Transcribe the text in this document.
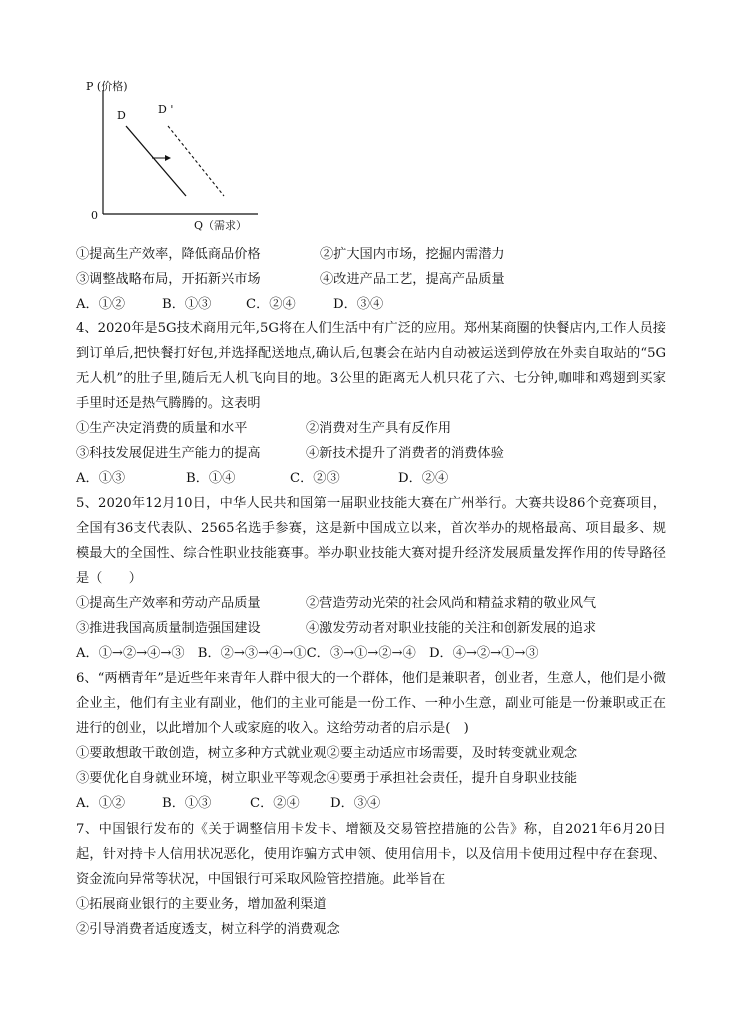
P (价格)
D	D '
0
Q（需求）
①提高生产效率，降低商品价格	②扩大国内市场，挖掘内需潜力
③调整战略布局，开拓新兴市场	④改进产品工艺，提高产品质量
A．①②	B．①③	C．②④	D．③④
4、2020年是5G技术商用元年,5G将在人们生活中有广泛的应用。郑州某商圈的快餐店内,工作人员接到订单后,把快餐打好包,并选择配送地点,确认后,包裹会在站内自动被运送到停放在外卖自取站的“5G无人机”的肚子里,随后无人机飞向目的地。3公里的距离无人机只花了六、七分钟,咖啡和鸡翅到买家手里时还是热气腾腾的。这表明
①生产决定消费的质量和水平	②消费对生产具有反作用
③科技发展促进生产能力的提高	④新技术提升了消费者的消费体验
A．①③	B．①④	C．②③	D．②④
5、2020年12月10日，中华人民共和国第一届职业技能大赛在广州举行。大赛共设86个竞赛项目，全国有36支代表队、2565名选手参赛，这是新中国成立以来，首次举办的规格最高、项目最多、规模最大的全国性、综合性职业技能赛事。举办职业技能大赛对提升经济发展质量发挥作用的传导路径是（　　）
①提高生产效率和劳动产品质量	②营造劳动光荣的社会风尚和精益求精的敬业风气
③推进我国高质量制造强国建设	④激发劳动者对职业技能的关注和创新发展的追求
A．①→②→④→③　B．②→③→④→①C．③→①→②→④　D．④→②→①→③
6、“两栖青年”是近些年来青年人群中很大的一个群体，他们是兼职者，创业者，生意人，他们是小微企业主，他们有主业有副业，他们的主业可能是一份工作、一种小生意，副业可能是一份兼职或正在进行的创业，以此增加个人或家庭的收入。这给劳动者的启示是(　)
①要敢想敢干敢创造，树立多种方式就业观②要主动适应市场需要，及时转变就业观念
③要优化自身就业环境，树立职业平等观念④要勇于承担社会责任，提升自身职业技能
A．①②	B．①③	C．②④ D．③④
7、中国银行发布的《关于调整信用卡发卡、增额及交易管控措施的公告》称，自2021年6月20日起，针对持卡人信用状况恶化，使用诈骗方式申领、使用信用卡，以及信用卡使用过程中存在套现、资金流向异常等状况，中国银行可采取风险管控措施。此举旨在
①拓展商业银行的主要业务，增加盈利渠道
②引导消费者适度透支，树立科学的消费观念
